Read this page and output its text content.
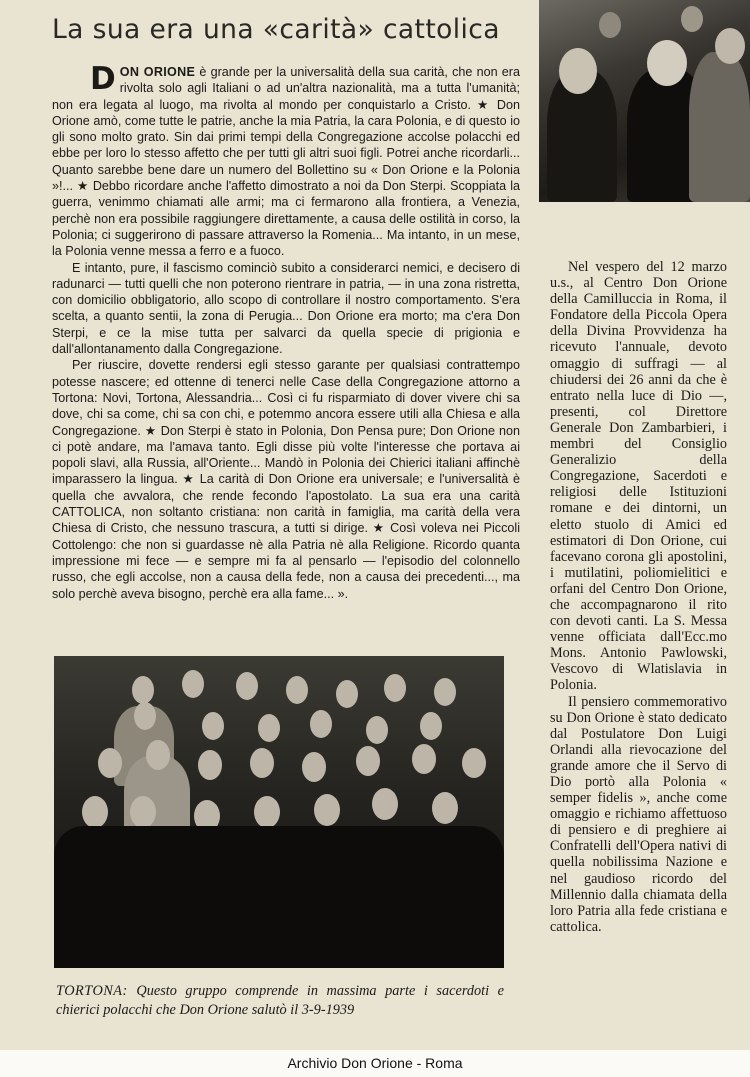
La sua era una «carità» cattolica

DON ORIONE è grande per la universalità della sua carità, che non era rivolta solo agli Italiani o ad un'altra nazionalità, ma a tutta l'umanità; non era legata al luogo, ma rivolta al mondo per conquistarlo a Cristo. ★ Don Orione amò, come tutte le patrie, anche la mia Patria, la cara Polonia, e di questo io gli sono molto grato. Sin dai primi tempi della Congregazione accolse polacchi ed ebbe per loro lo stesso affetto che per tutti gli altri suoi figli. Potrei anche ricordarli... Quanto sarebbe bene dare un numero del Bollettino su « Don Orione e la Polonia »!... ★ Debbo ricordare anche l'affetto dimostrato a noi da Don Sterpi. Scoppiata la guerra, venimmo chiamati alle armi; ma ci fermarono alla frontiera, a Venezia, perchè non era possibile raggiungere direttamente, a causa delle ostilità in corso, la Polonia; ci suggerirono di passare attraverso la Romenia... Ma intanto, in un mese, la Polonia venne messa a ferro e a fuoco.

E intanto, pure, il fascismo cominciò subito a considerarci nemici, e decisero di radunarci — tutti quelli che non poterono rientrare in patria, — in una zona ristretta, con domicilio obbligatorio, allo scopo di controllare il nostro comportamento. S'era scelta, a quanto sentii, la zona di Perugia... Don Orione era morto; ma c'era Don Sterpi, e ce la mise tutta per salvarci da quella specie di prigionia e dall'allontanamento dalla Congregazione.

Per riuscire, dovette rendersi egli stesso garante per qualsiasi contrattempo potesse nascere; ed ottenne di tenerci nelle Case della Congregazione attorno a Tortona: Novi, Tortona, Alessandria... Così ci fu risparmiato di dover vivere chi sa dove, chi sa come, chi sa con chi, e potemmo ancora essere utili alla Chiesa e alla Congregazione. ★ Don Sterpi è stato in Polonia, Don Pensa pure; Don Orione non ci potè andare, ma l'amava tanto. Egli disse più volte l'interesse che portava ai popoli slavi, alla Russia, all'Oriente... Mandò in Polonia dei Chierici italiani affinchè imparassero la lingua. ★ La carità di Don Orione era universale; e l'universalità è quella che avvalora, che rende fecondo l'apostolato. La sua era una carità CATTOLICA, non soltanto cristiana: non carità in famiglia, ma carità della vera Chiesa di Cristo, che nessuno trascura, a tutti si dirige. ★ Così voleva nei Piccoli Cottolengo: che non si guardasse nè alla Patria nè alla Religione. Ricordo quanta impressione mi fece — e sempre mi fa al pensarlo — l'episodio del colonnello russo, che egli accolse, non a causa della fede, non a causa dei precedenti..., ma solo perchè aveva bisogno, perchè era alla fame... ».

Nel vespero del 12 marzo u.s., al Centro Don Orione della Camilluccia in Roma, il Fondatore della Piccola Opera della Divina Provvidenza ha ricevuto l'annuale, devoto omaggio di suffragi — al chiudersi dei 26 anni da che è entrato nella luce di Dio —, presenti, col Direttore Generale Don Zambarbieri, i membri del Consiglio Generalizio della Congregazione, Sacerdoti e religiosi delle Istituzioni romane e dei dintorni, un eletto stuolo di Amici ed estimatori di Don Orione, cui facevano corona gli apostolini, i mutilatini, poliomielitici e orfani del Centro Don Orione, che accompagnarono il rito con devoti canti. La S. Messa venne officiata dall'Ecc.mo Mons. Antonio Pawlowski, Vescovo di Wlatislavia in Polonia.

Il pensiero commemorativo su Don Orione è stato dedicato dal Postulatore Don Luigi Orlandi alla rievocazione del grande amore che il Servo di Dio portò alla Polonia « semper fidelis », anche come omaggio e richiamo affettuoso di pensiero e di preghiere ai Confratelli dell'Opera nativi di quella nobilissima Nazione e nel gaudioso ricordo del Millennio dalla chiamata della loro Patria alla fede cristiana e cattolica.

TORTONA: Questo gruppo comprende in massima parte i sacerdoti e chierici polacchi che Don Orione salutò il 3-9-1939

Archivio Don Orione - Roma
